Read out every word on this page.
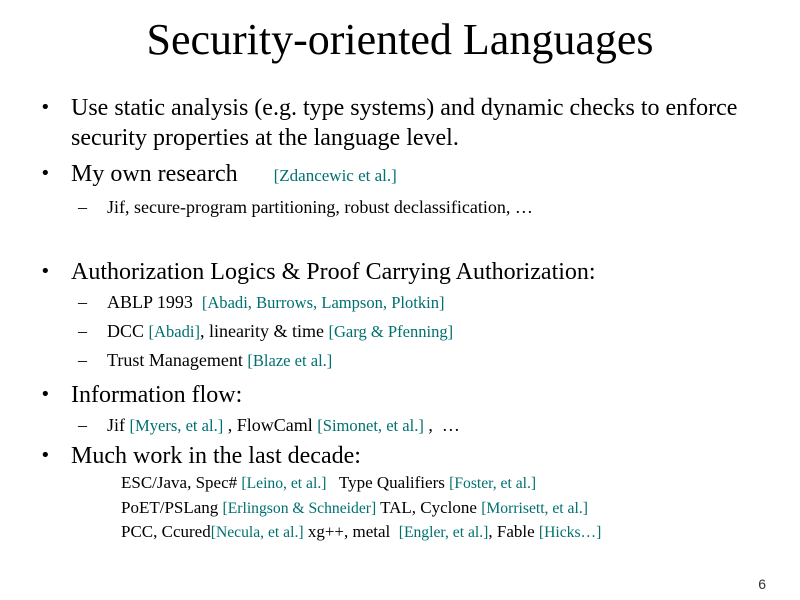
Security-oriented Languages
• Use static analysis (e.g. type systems) and dynamic checks to enforce security properties at the language level.
• My own research [Zdancewic et al.]
– Jif, secure-program partitioning, robust declassification, …
• Authorization Logics & Proof Carrying Authorization:
– ABLP 1993  [Abadi, Burrows, Lampson, Plotkin]
– DCC [Abadi], linearity & time [Garg & Pfenning]
– Trust Management [Blaze et al.]
• Information flow:
– Jif [Myers, et al.] , FlowCaml [Simonet, et al.] ,  …
• Much work in the last decade:
ESC/Java, Spec# [Leino, et al.]   Type Qualifiers [Foster, et al.]
PoET/PSLang [Erlingson & Schneider] TAL, Cyclone [Morrisett, et al.]
PCC, Ccured[Necula, et al.] xg++, metal  [Engler, et al.], Fable [Hicks…]
6
